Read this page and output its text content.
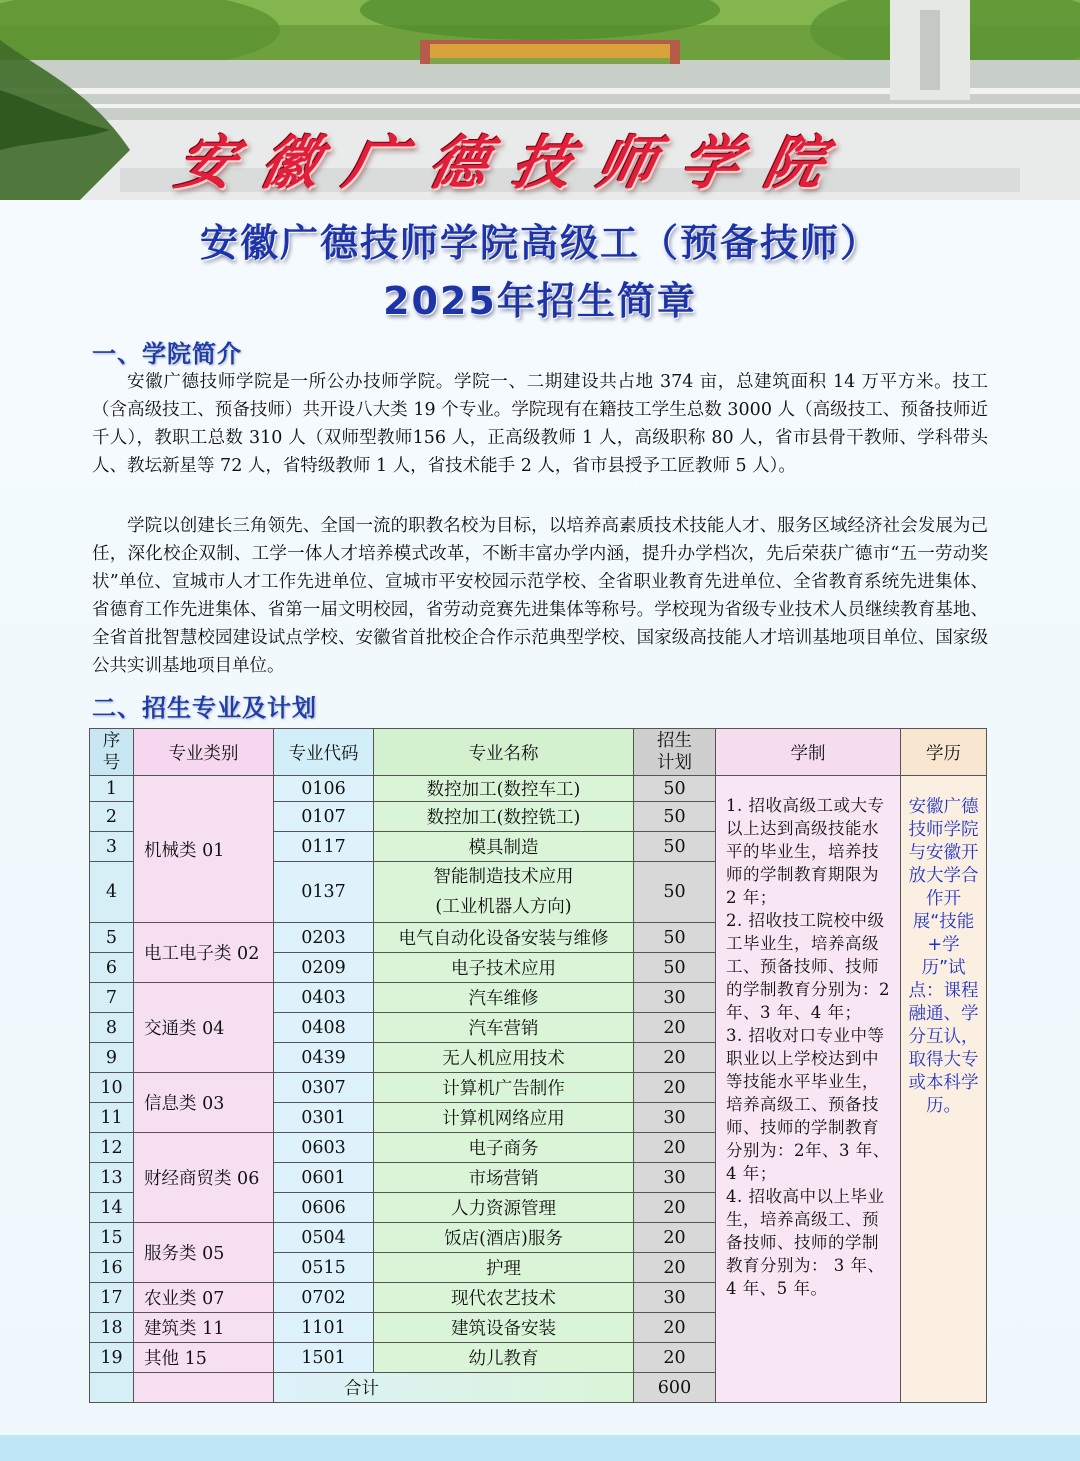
安徽广德技师学院
安徽广德技师学院高级工（预备技师）
2025年招生简章
一、学院简介
安徽广德技师学院是一所公办技师学院。学院一、二期建设共占地 374 亩，总建筑面积 14 万平方米。技工（含高级技工、预备技师）共开设八大类 19 个专业。学院现有在籍技工学生总数 3000 人（高级技工、预备技师近千人），教职工总数 310 人（双师型教师156 人，正高级教师 1 人，高级职称 80 人，省市县骨干教师、学科带头人、教坛新星等 72 人，省特级教师 1 人，省技术能手 2 人，省市县授予工匠教师 5 人）。
学院以创建长三角领先、全国一流的职教名校为目标，以培养高素质技术技能人才、服务区域经济社会发展为己任，深化校企双制、工学一体人才培养模式改革，不断丰富办学内涵，提升办学档次，先后荣获广德市“五一劳动奖状”单位、宣城市人才工作先进单位、宣城市平安校园示范学校、全省职业教育先进单位、全省教育系统先进集体、省德育工作先进集体、省第一届文明校园，省劳动竞赛先进集体等称号。学校现为省级专业技术人员继续教育基地、全省首批智慧校园建设试点学校、安徽省首批校企合作示范典型学校、国家级高技能人才培训基地项目单位、国家级公共实训基地项目单位。
二、招生专业及计划
序号	专业类别	专业代码	专业名称	招生计划	学制	学历
1	机械类 01	0106	数控加工(数控车工)	50	1. 招收高级工或大专以上达到高级技能水平的毕业生，培养技师的学制教育期限为 2 年；
2. 招收技工院校中级工毕业生，培养高级工、预备技师、技师的学制教育分别为：2 年、3 年、4 年；
3. 招收对口专业中等职业以上学校达到中等技能水平毕业生，培养高级工、预备技师、技师的学制教育分别为：2年、3 年、4 年；
4. 招收高中以上毕业生，培养高级工、预备技师、技师的学制教育分别为： 3 年、4 年、5 年。	安徽广德技师学院与安徽开放大学合作开展“技能+学历”试点：课程融通、学分互认，取得大专或本科学历。
2		0107	数控加工(数控铣工)	50		
3		0117	模具制造	50		
4		0137	智能制造技术应用
(工业机器人方向)	50		
5	电工电子类 02	0203	电气自动化设备安装与维修	50		
6		0209	电子技术应用	50		
7	交通类 04	0403	汽车维修	30		
8		0408	汽车营销	20		
9		0439	无人机应用技术	20		
10	信息类 03	0307	计算机广告制作	20		
11		0301	计算机网络应用	30		
12	财经商贸类 06	0603	电子商务	20		
13		0601	市场营销	30		
14		0606	人力资源管理	20		
15	服务类 05	0504	饭店(酒店)服务	20		
16		0515	护理	20		
17	农业类 07	0702	现代农艺技术	30		
18	建筑类 11	1101	建筑设备安装	20		
19	其他 15	1501	幼儿教育	20		
		合计		600		
